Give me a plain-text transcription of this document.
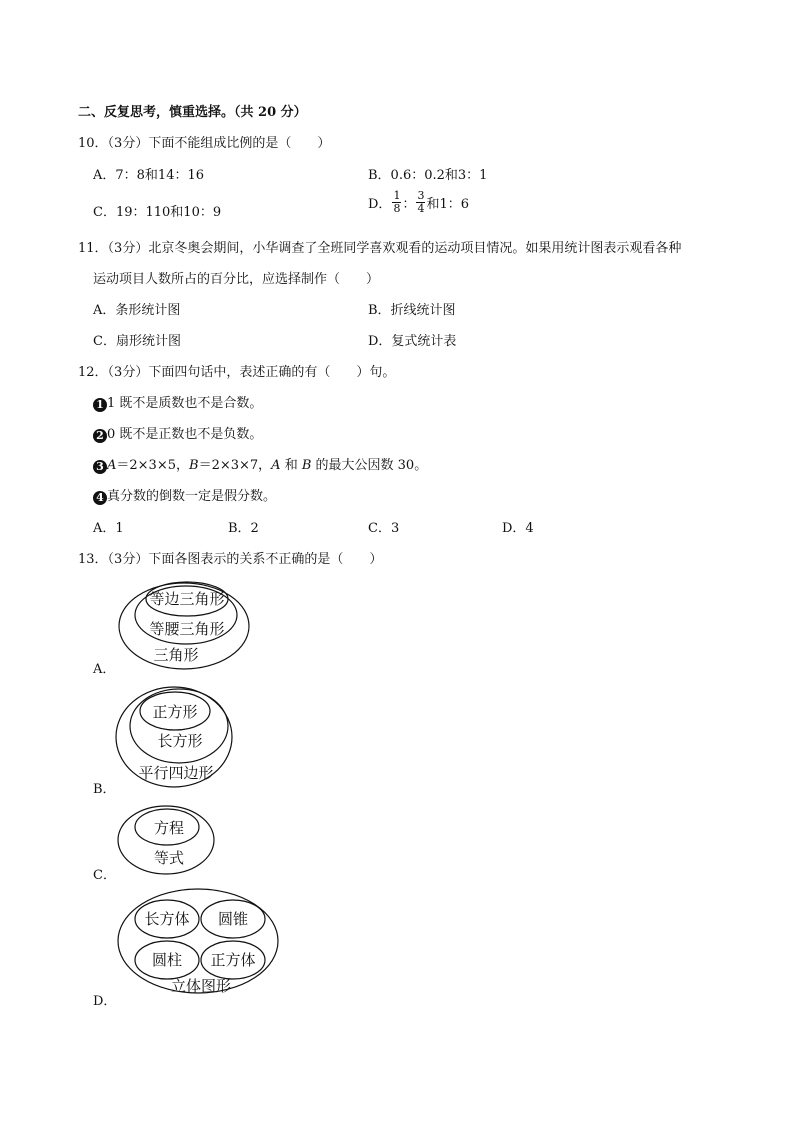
二、反复思考，慎重选择。（共 20 分）
10．（3分）下面不能组成比例的是（　　）
A．7：8和14：16	B．0.6：0.2和3：1
C．19：110和10：9
D． $\frac{1}{8}$ ： $\frac{3}{4}$ 和1：6
11．（3分）北京冬奥会期间，小华调查了全班同学喜欢观看的运动项目情况。如果用统计图表示观看各种
运动项目人数所占的百分比，应选择制作（　　）
A．条形统计图	B．折线统计图
C．扇形统计图	D．复式统计表
12．（3分）下面四句话中，表述正确的有（　　）句。
1 1 既不是质数也不是合数。
2 0 既不是正数也不是负数。
3 A＝2×3×5，B＝2×3×7，A 和 B 的最大公因数 30。
4 真分数的倒数一定是假分数。
A．1	B．2	C．3	D．4
13．（3分）下面各图表示的关系不正确的是（　　）
等边三角形
等腰三角形
三角形
A．
正方形
长方形
平行四边形
B．
方程
等式
C．
长方体 圆锥
圆柱 正方体
立体图形
D．
